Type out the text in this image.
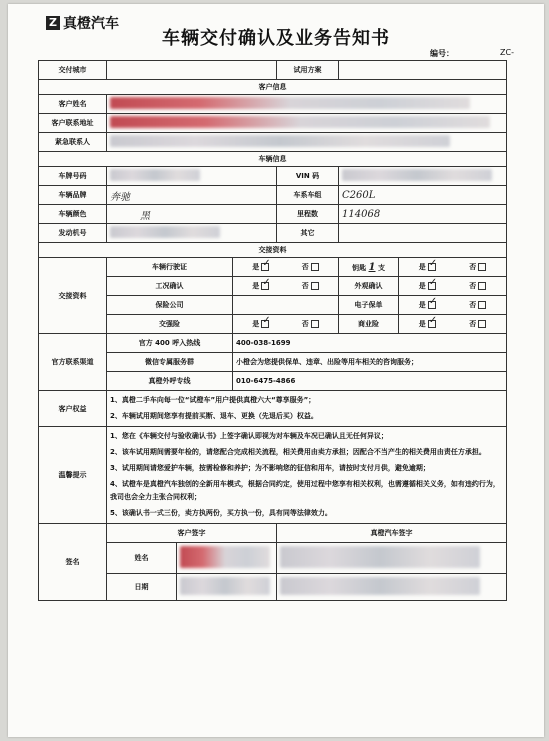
Z 真橙汽车
车辆交付确认及业务告知书
编号：	ZC-
交付城市				试用方案		
客户信息						
客户姓名						
客户联系地址						
紧急联系人						
车辆信息						
车牌号码				VIN 码		
车辆品牌	奔驰			车系车组	C260L	
车辆颜色	黑			里程数	114068	
发动机号				其它		
交接资料						
交接资料	车辆行驶证		是 ✓ 否		钥匙 1 支	是 ✓ 否

	工况确认		是 ✓ 否		外观确认	是 ✓ 否

	保险公司				电子保单	是 ✓ 否

	交强险		是 ✓ 否		商业险	是 ✓ 否

官方联系渠道	官方 400 呼入热线		400-038-1699			
	微信专属服务群		小橙会为您提供保单、违章、出险等用车相关的咨询服务；			
	真橙外呼专线		010-6475-4866			
客户权益	1、真橙二手车向每一位“试橙车”用户提供真橙六大“尊享服务”；

2、车辆试用期间您享有提前买断、退车、更换（先退后买）权益。					

温馨提示	1、您在《车辆交付与验收确认书》上签字确认即视为对车辆及车况已确认且无任何异议；

2、该车试用期间需要年检的，请您配合完成相关流程，相关费用由卖方承担；因配合不当产生的相关费用由责任方承担。

3、试用期间请您爱护车辆，按需检修和养护；为不影响您的征信和用车，请按时支付月供，避免逾期；

4、试橙车是真橙汽车独创的全新用车模式，根据合同约定，使用过程中您享有相关权利，也需遵循相关义务，如有违约行为，我司也会全力主张合同权利；

5、该确认书一式三份，卖方执两份，买方执一份，具有同等法律效力。					

签名	客户签字			真橙汽车签字		
	姓名					
	日期					
